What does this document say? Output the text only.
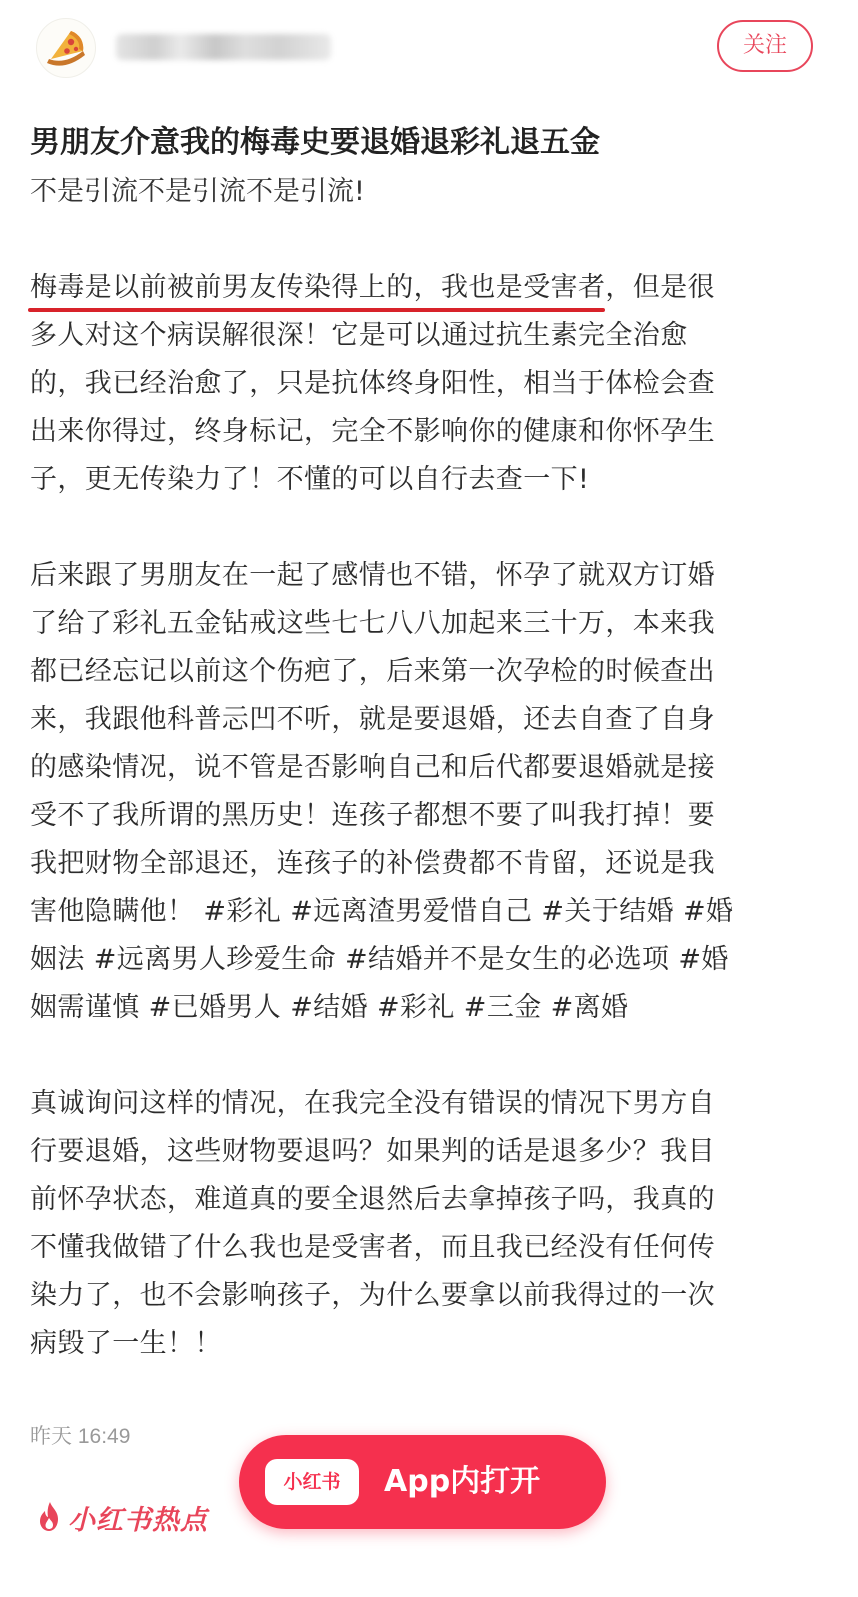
关注
男朋友介意我的梅毒史要退婚退彩礼退五金

不是引流不是引流不是引流!

梅毒是以前被前男友传染得上的，我也是受害者
，但是很
多人对这个病误解很深！它是可以通过抗生素完全治愈
的，我已经治愈了，只是抗体终身阳性，相当于体检会查
出来你得过，终身标记，完全不影响你的健康和你怀孕生
子，更无传染力了！不懂的可以自行去查一下!
后来跟了男朋友在一起了感情也不错，怀孕了就双方订婚
了给了彩礼五金钻戒这些七七八八加起来三十万，本来我
都已经忘记以前这个伤疤了，后来第一次孕检的时候查出
来，我跟他科普忈凹不听，就是要退婚，还去自查了自身
的感染情况，说不管是否影响自己和后代都要退婚就是接
受不了我所谓的黑历史！连孩子都想不要了叫我打掉！要
我把财物全部退还，连孩子的补偿费都不肯留，还说是我
害他隐瞒他！ #彩礼 #远离渣男爱惜自己 #关于结婚 #婚
姻法 #远离男人珍爱生命 #结婚并不是女生的必选项 #婚
姻需谨慎 #已婚男人 #结婚 #彩礼 #三金 #离婚
真诚询问这样的情况，在我完全没有错误的情况下男方自
行要退婚，这些财物要退吗？如果判的话是退多少？我目
前怀孕状态，难道真的要全退然后去拿掉孩子吗，我真的
不懂我做错了什么我也是受害者，而且我已经没有任何传
染力了，也不会影响孩子，为什么要拿以前我得过的一次
病毁了一生！！
昨天 16:49
小红书热点
小红书	App内打开
